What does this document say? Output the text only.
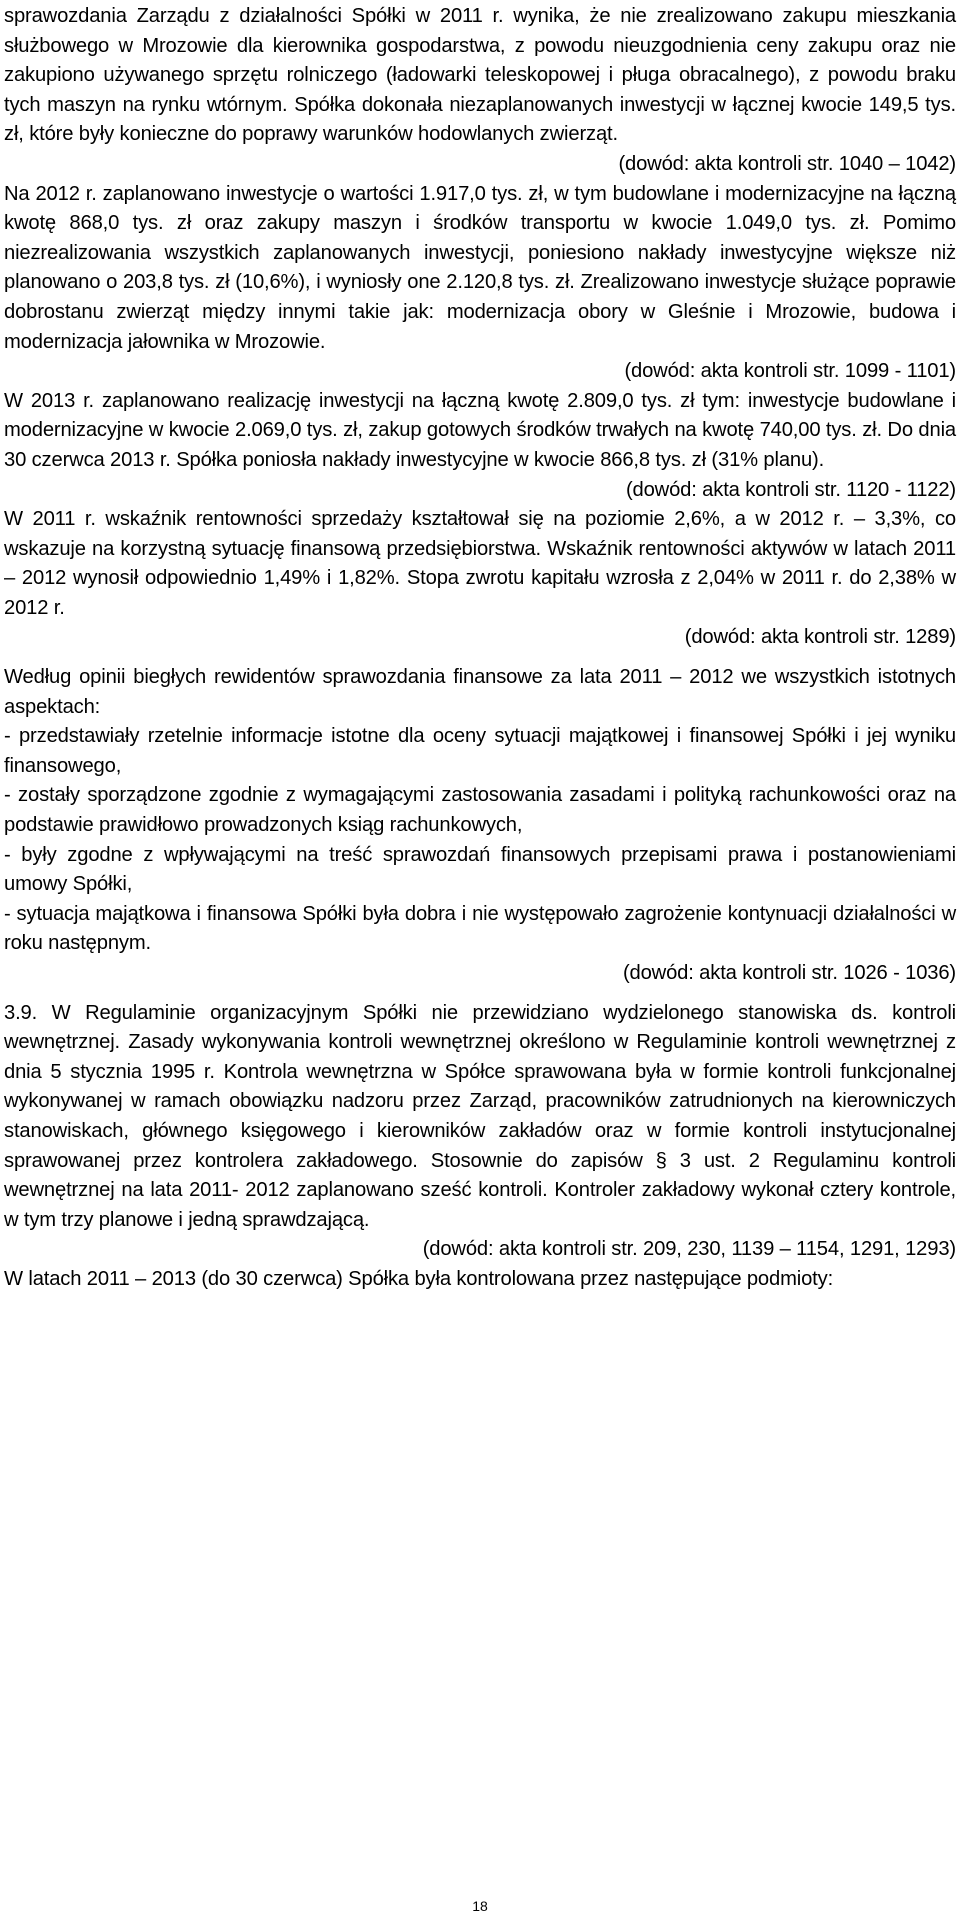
sprawozdania Zarządu z działalności Spółki w 2011 r. wynika, że nie zrealizowano zakupu mieszkania służbowego w Mrozowie dla kierownika gospodarstwa, z powodu nieuzgodnienia ceny zakupu oraz nie zakupiono używanego sprzętu rolniczego (ładowarki teleskopowej i pługa obracalnego), z powodu braku tych maszyn na rynku wtórnym. Spółka dokonała niezaplanowanych inwestycji w łącznej kwocie 149,5 tys. zł, które były konieczne do poprawy warunków hodowlanych zwierząt.

(dowód: akta kontroli str. 1040 – 1042)

Na 2012 r. zaplanowano inwestycje o wartości 1.917,0 tys. zł, w tym budowlane i modernizacyjne na łączną kwotę 868,0 tys. zł oraz zakupy maszyn i środków transportu w kwocie 1.049,0 tys. zł. Pomimo niezrealizowania wszystkich zaplanowanych inwestycji, poniesiono nakłady inwestycyjne większe niż planowano o 203,8 tys. zł (10,6%), i wyniosły one 2.120,8 tys. zł. Zrealizowano inwestycje służące poprawie dobrostanu zwierząt między innymi takie jak: modernizacja obory w Gleśnie i Mrozowie, budowa i modernizacja jałownika w Mrozowie.

(dowód: akta kontroli str. 1099 - 1101)

W 2013 r. zaplanowano realizację inwestycji na łączną kwotę 2.809,0 tys. zł tym: inwestycje budowlane i modernizacyjne w kwocie 2.069,0 tys. zł, zakup gotowych środków trwałych na kwotę 740,00 tys. zł. Do dnia 30 czerwca 2013 r. Spółka poniosła nakłady inwestycyjne w kwocie 866,8 tys. zł (31% planu).

(dowód: akta kontroli str. 1120 - 1122)

W 2011 r. wskaźnik rentowności sprzedaży kształtował się na poziomie 2,6%, a w 2012 r. – 3,3%, co wskazuje na korzystną sytuację finansową przedsiębiorstwa. Wskaźnik rentowności aktywów w latach 2011 – 2012 wynosił odpowiednio 1,49% i 1,82%. Stopa zwrotu kapitału wzrosła z 2,04% w 2011 r. do 2,38% w 2012 r.

(dowód: akta kontroli str. 1289)

Według opinii biegłych rewidentów sprawozdania finansowe za lata 2011 – 2012 we wszystkich istotnych aspektach:

- przedstawiały rzetelnie informacje istotne dla oceny sytuacji majątkowej i finansowej Spółki i jej wyniku finansowego,

- zostały sporządzone zgodnie z wymagającymi zastosowania zasadami i polityką rachunkowości oraz na podstawie prawidłowo prowadzonych ksiąg rachunkowych,

- były zgodne z wpływającymi na treść sprawozdań finansowych przepisami prawa i postanowieniami umowy Spółki,

- sytuacja majątkowa i finansowa Spółki była dobra i nie występowało zagrożenie kontynuacji działalności w roku następnym.

(dowód: akta kontroli str. 1026 - 1036)

3.9. W Regulaminie organizacyjnym Spółki nie przewidziano wydzielonego stanowiska ds. kontroli wewnętrznej. Zasady wykonywania kontroli wewnętrznej określono w Regulaminie kontroli wewnętrznej z dnia 5 stycznia 1995 r. Kontrola wewnętrzna w Spółce sprawowana była w formie kontroli funkcjonalnej wykonywanej w ramach obowiązku nadzoru przez Zarząd, pracowników zatrudnionych na kierowniczych stanowiskach, głównego księgowego i kierowników zakładów oraz w formie kontroli instytucjonalnej sprawowanej przez kontrolera zakładowego. Stosownie do zapisów § 3 ust. 2 Regulaminu kontroli wewnętrznej na lata 2011- 2012 zaplanowano sześć kontroli. Kontroler zakładowy wykonał cztery kontrole, w tym trzy planowe i jedną sprawdzającą.

(dowód: akta kontroli str. 209, 230, 1139 – 1154, 1291, 1293)

W latach 2011 – 2013 (do 30 czerwca) Spółka była kontrolowana przez następujące podmioty:

18
